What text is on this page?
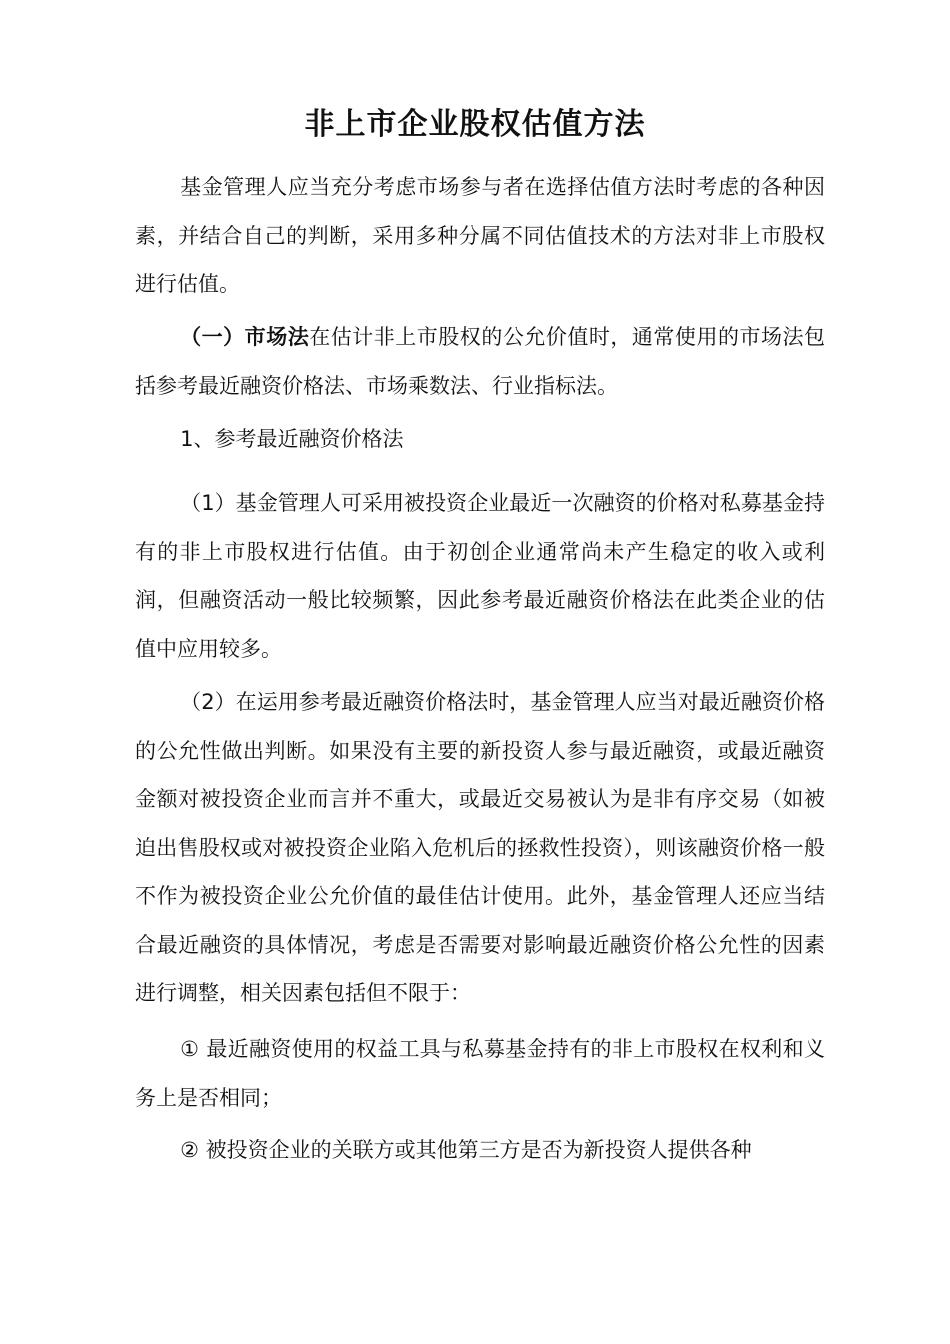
非上市企业股权估值方法

基金管理人应当充分考虑市场参与者在选择估值方法时考虑的各种因素，并结合自己的判断，采用多种分属不同估值技术的方法对非上市股权进行估值。

（一）市场法在估计非上市股权的公允价值时，通常使用的市场法包括参考最近融资价格法、市场乘数法、行业指标法。

1、参考最近融资价格法

（1）基金管理人可采用被投资企业最近一次融资的价格对私募基金持有的非上市股权进行估值。由于初创企业通常尚未产生稳定的收入或利润，但融资活动一般比较频繁，因此参考最近融资价格法在此类企业的估值中应用较多。

（2）在运用参考最近融资价格法时，基金管理人应当对最近融资价格的公允性做出判断。如果没有主要的新投资人参与最近融资，或最近融资金额对被投资企业而言并不重大，或最近交易被认为是非有序交易（如被迫出售股权或对被投资企业陷入危机后的拯救性投资），则该融资价格一般不作为被投资企业公允价值的最佳估计使用。此外，基金管理人还应当结合最近融资的具体情况，考虑是否需要对影响最近融资价格公允性的因素进行调整，相关因素包括但不限于：

① 最近融资使用的权益工具与私募基金持有的非上市股权在权利和义务上是否相同；

② 被投资企业的关联方或其他第三方是否为新投资人提供各种
